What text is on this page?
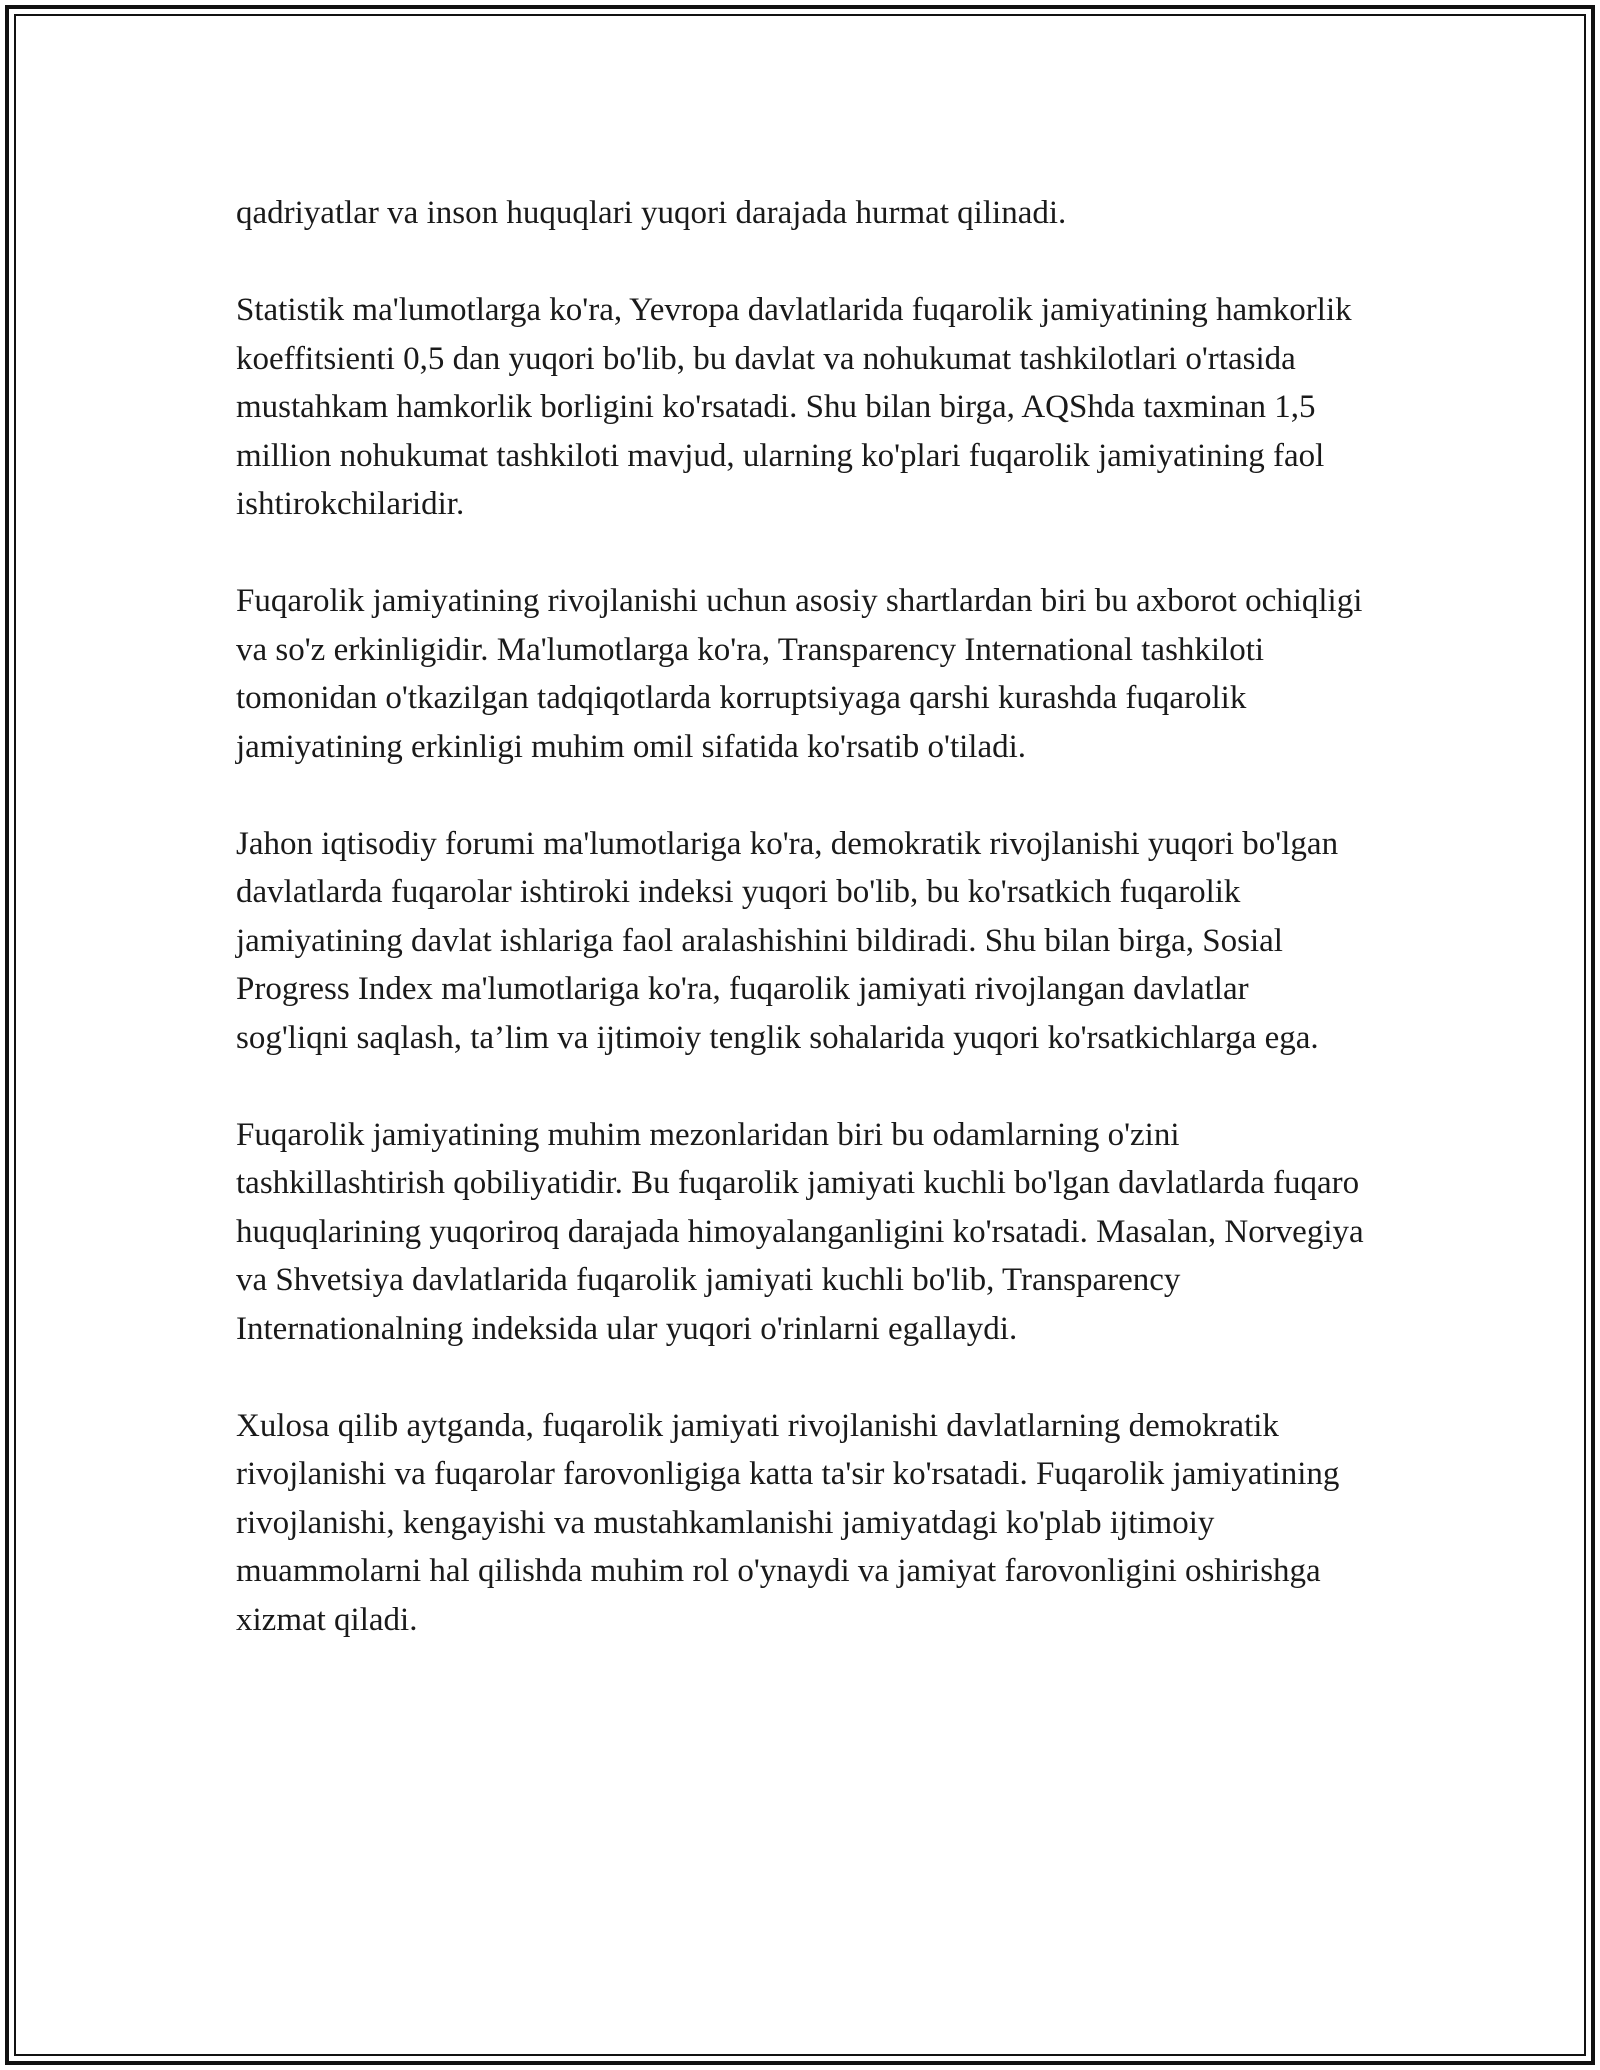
qadriyatlar va inson huquqlari yuqori darajada hurmat qilinadi.

Statistik ma'lumotlarga ko'ra, Yevropa davlatlarida fuqarolik jamiyatining hamkorlik koeffitsienti 0,5 dan yuqori bo'lib, bu davlat va nohukumat tashkilotlari o'rtasida mustahkam hamkorlik borligini ko'rsatadi. Shu bilan birga, AQShda taxminan 1,5 million nohukumat tashkiloti mavjud, ularning ko'plari fuqarolik jamiyatining faol ishtirokchilaridir.

Fuqarolik jamiyatining rivojlanishi uchun asosiy shartlardan biri bu axborot ochiqligi va so'z erkinligidir. Ma'lumotlarga ko'ra, Transparency International tashkiloti tomonidan o'tkazilgan tadqiqotlarda korruptsiyaga qarshi kurashda fuqarolik jamiyatining erkinligi muhim omil sifatida ko'rsatib o'tiladi.

Jahon iqtisodiy forumi ma'lumotlariga ko'ra, demokratik rivojlanishi yuqori bo'lgan davlatlarda fuqarolar ishtiroki indeksi yuqori bo'lib, bu ko'rsatkich fuqarolik jamiyatining davlat ishlariga faol aralashishini bildiradi. Shu bilan birga, Sosial Progress Index ma'lumotlariga ko'ra, fuqarolik jamiyati rivojlangan davlatlar sog'liqni saqlash, ta’lim va ijtimoiy tenglik sohalarida yuqori ko'rsatkichlarga ega.

Fuqarolik jamiyatining muhim mezonlaridan biri bu odamlarning o'zini tashkillashtirish qobiliyatidir. Bu fuqarolik jamiyati kuchli bo'lgan davlatlarda fuqaro huquqlarining yuqoriroq darajada himoyalanganligini ko'rsatadi. Masalan, Norvegiya va Shvetsiya davlatlarida fuqarolik jamiyati kuchli bo'lib, Transparency Internationalning indeksida ular yuqori o'rinlarni egallaydi.

Xulosa qilib aytganda, fuqarolik jamiyati rivojlanishi davlatlarning demokratik rivojlanishi va fuqarolar farovonligiga katta ta'sir ko'rsatadi. Fuqarolik jamiyatining rivojlanishi, kengayishi va mustahkamlanishi jamiyatdagi ko'plab ijtimoiy muammolarni hal qilishda muhim rol o'ynaydi va jamiyat farovonligini oshirishga xizmat qiladi.
